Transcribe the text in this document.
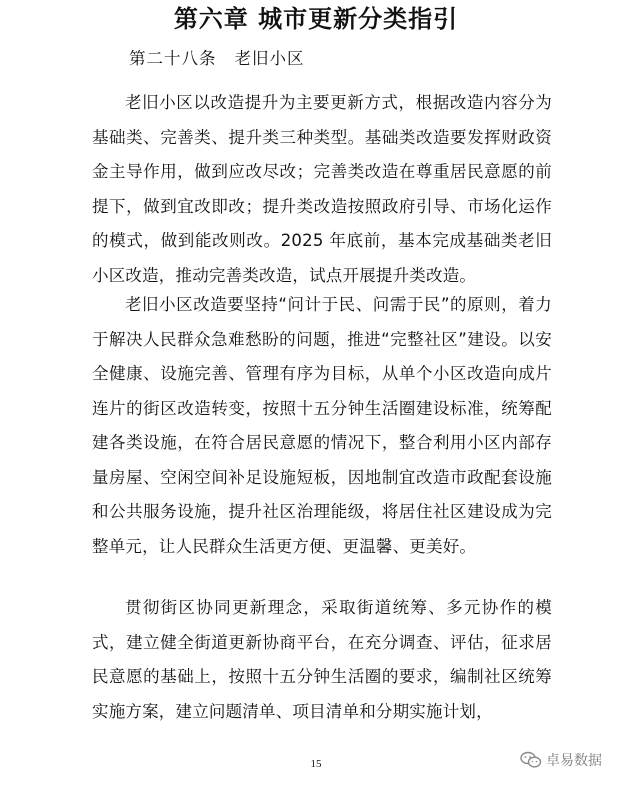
第六章 城市更新分类指引
第二十八条 老旧小区
老旧小区以改造提升为主要更新方式，根据改造内容分为基础类、完善类、提升类三种类型。基础类改造要发挥财政资金主导作用，做到应改尽改；完善类改造在尊重居民意愿的前提下，做到宜改即改；提升类改造按照政府引导、市场化运作的模式，做到能改则改。2025 年底前，基本完成基础类老旧小区改造，推动完善类改造，试点开展提升类改造。
老旧小区改造要坚持“问计于民、问需于民”的原则，着力于解决人民群众急难愁盼的问题，推进“完整社区”建设。以安全健康、设施完善、管理有序为目标，从单个小区改造向成片连片的街区改造转变，按照十五分钟生活圈建设标准，统筹配建各类设施，在符合居民意愿的情况下，整合利用小区内部存量房屋、空闲空间补足设施短板，因地制宜改造市政配套设施和公共服务设施，提升社区治理能级，将居住社区建设成为完整单元，让人民群众生活更方便、更温馨、更美好。
贯彻街区协同更新理念，采取街道统筹、多元协作的模式，建立健全街道更新协商平台，在充分调查、评估，征求居民意愿的基础上，按照十五分钟生活圈的要求，编制社区统筹实施方案，建立问题清单、项目清单和分期实施计划，
15	卓易数据
